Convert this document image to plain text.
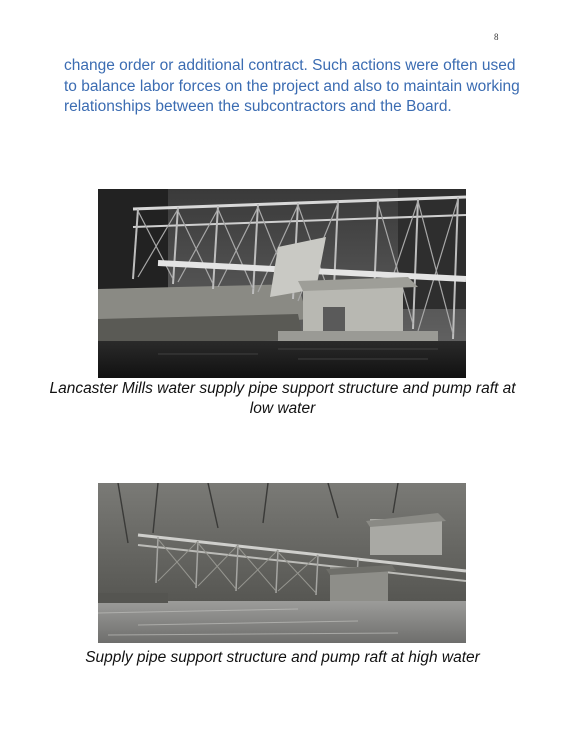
8

change order or additional contract. Such actions were often used to balance labor forces on the project and also to maintain working relationships between the subcontractors and the Board.

Lancaster Mills water supply pipe support structure and pump raft at low water

Supply pipe support structure and pump raft at high water
